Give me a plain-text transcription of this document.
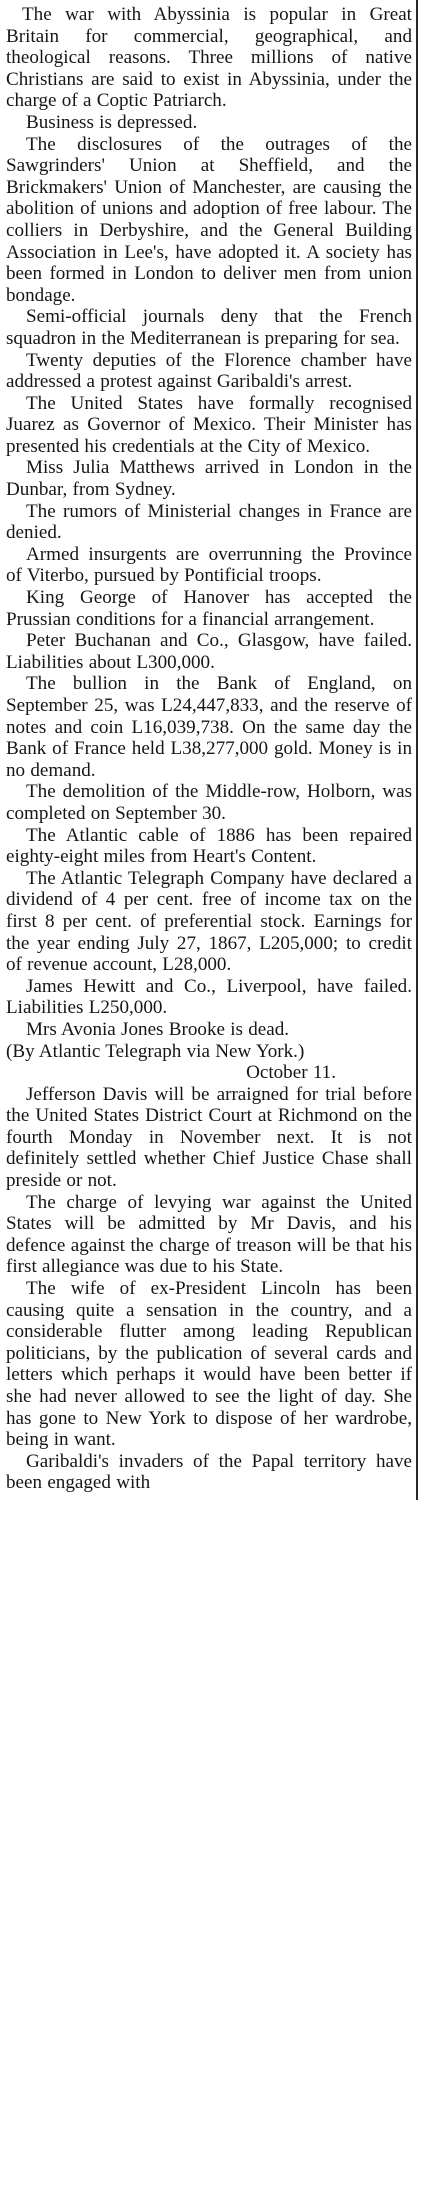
The war with Abyssinia is popular in Great Britain for commercial, geographical, and theological reasons. Three millions of native Christians are said to exist in Abyssinia, under the charge of a Coptic Patriarch.

Business is depressed.

The disclosures of the outrages of the Sawgrinders' Union at Sheffield, and the Brickmakers' Union of Manchester, are causing the abolition of unions and adoption of free labour. The colliers in Derbyshire, and the General Building Association in Lee's, have adopted it. A society has been formed in London to deliver men from union bondage.

Semi-official journals deny that the French squadron in the Mediterranean is preparing for sea.

Twenty deputies of the Florence chamber have addressed a protest against Garibaldi's arrest.

The United States have formally recognised Juarez as Governor of Mexico. Their Minister has presented his credentials at the City of Mexico.

Miss Julia Matthews arrived in London in the Dunbar, from Sydney.

The rumors of Ministerial changes in France are denied.

Armed insurgents are overrunning the Province of Viterbo, pursued by Pontificial troops.

King George of Hanover has accepted the Prussian conditions for a financial arrangement.

Peter Buchanan and Co., Glasgow, have failed. Liabilities about L300,000.

The bullion in the Bank of England, on September 25, was L24,447,833, and the reserve of notes and coin L16,039,738. On the same day the Bank of France held L38,277,000 gold. Money is in no demand.

The demolition of the Middle-row, Holborn, was completed on September 30.

The Atlantic cable of 1886 has been repaired eighty-eight miles from Heart's Content.

The Atlantic Telegraph Company have declared a dividend of 4 per cent. free of income tax on the first 8 per cent. of preferential stock. Earnings for the year ending July 27, 1867, L205,000; to credit of revenue account, L28,000.

James Hewitt and Co., Liverpool, have failed. Liabilities L250,000.

Mrs Avonia Jones Brooke is dead.

(By Atlantic Telegraph via New York.)

October 11.

Jefferson Davis will be arraigned for trial before the United States District Court at Richmond on the fourth Monday in November next. It is not definitely settled whether Chief Justice Chase shall preside or not.

The charge of levying war against the United States will be admitted by Mr Davis, and his defence against the charge of treason will be that his first allegiance was due to his State.

The wife of ex-President Lincoln has been causing quite a sensation in the country, and a considerable flutter among leading Republican politicians, by the publication of several cards and letters which perhaps it would have been better if she had never allowed to see the light of day. She has gone to New York to dispose of her wardrobe, being in want.

Garibaldi's invaders of the Papal territory have been engaged with
